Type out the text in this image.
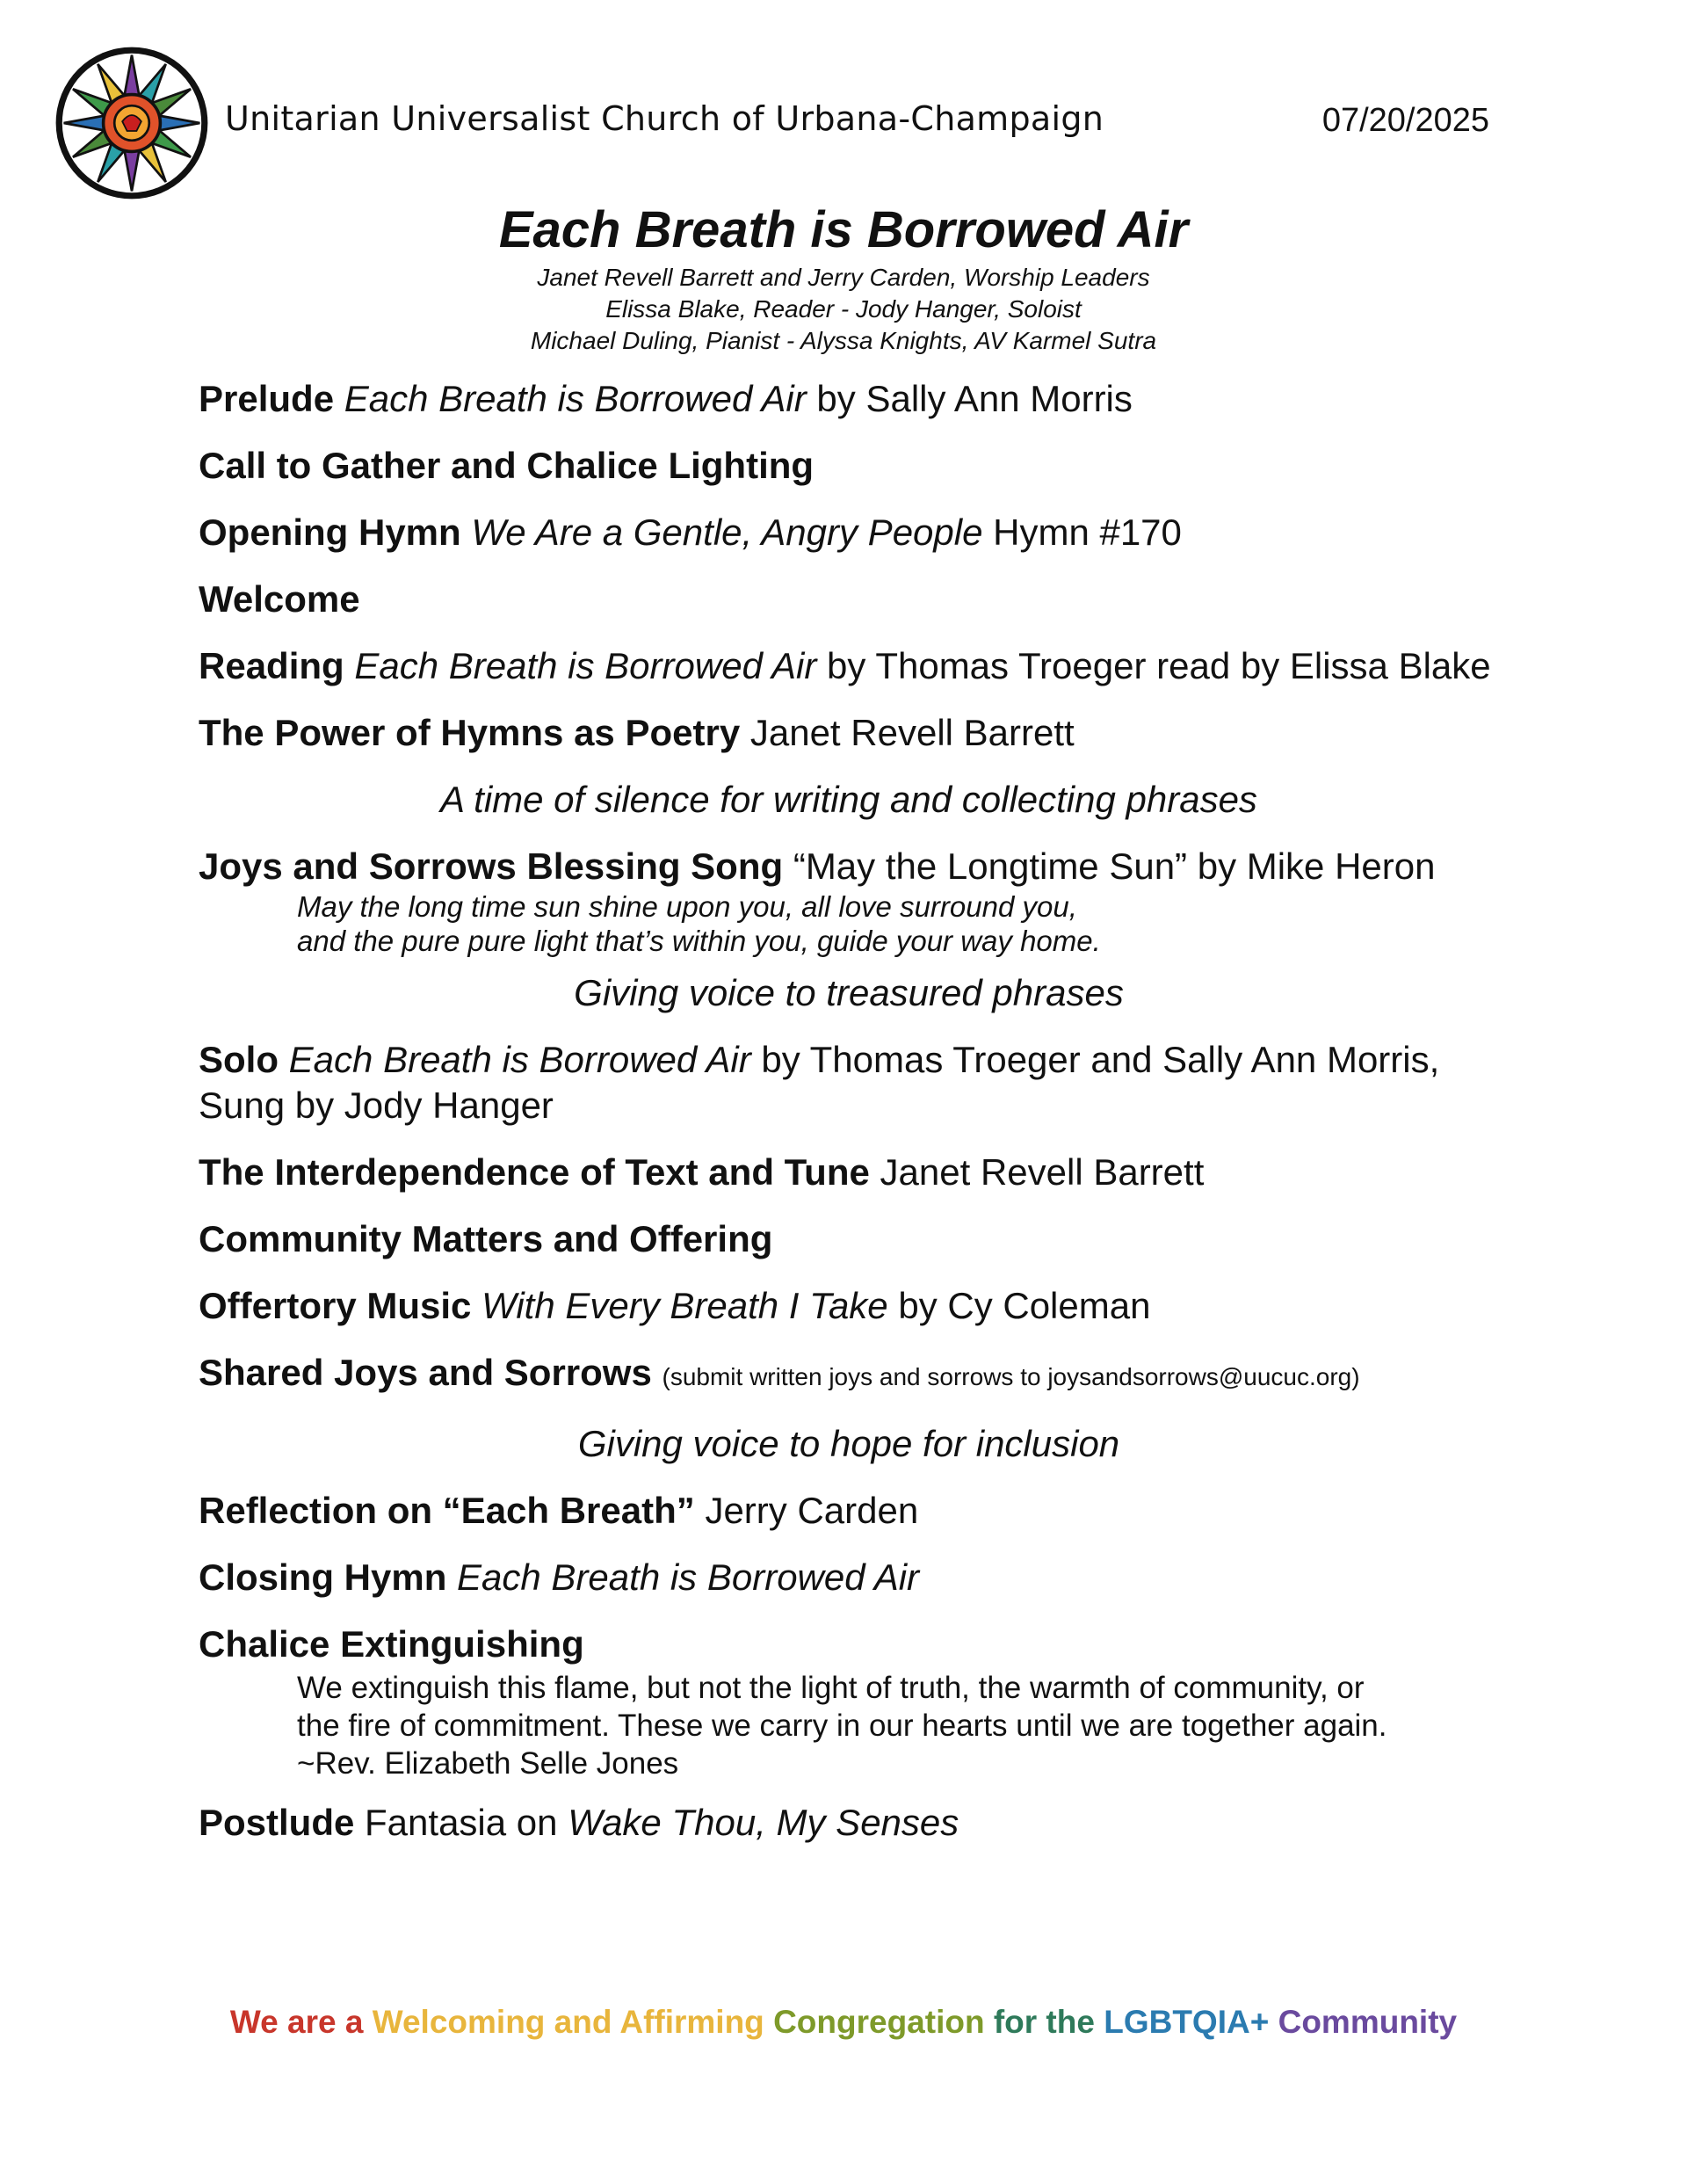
Unitarian Universalist Church of Urbana-Champaign	07/20/2025
Each Breath is Borrowed Air
Janet Revell Barrett and Jerry Carden, Worship Leaders
Elissa Blake, Reader - Jody Hanger, Soloist
Michael Duling, Pianist - Alyssa Knights, AV Karmel Sutra
Prelude Each Breath is Borrowed Air by Sally Ann Morris
Call to Gather and Chalice Lighting
Opening Hymn We Are a Gentle, Angry People Hymn #170
Welcome
Reading Each Breath is Borrowed Air by Thomas Troeger read by Elissa Blake
The Power of Hymns as Poetry Janet Revell Barrett
A time of silence for writing and collecting phrases
Joys and Sorrows Blessing Song “May the Longtime Sun” by Mike Heron
May the long time sun shine upon you, all love surround you,
and the pure pure light that’s within you, guide your way home.
Giving voice to treasured phrases
Solo Each Breath is Borrowed Air by Thomas Troeger and Sally Ann Morris, Sung by Jody Hanger
The Interdependence of Text and Tune Janet Revell Barrett
Community Matters and Offering
Offertory Music With Every Breath I Take by Cy Coleman
Shared Joys and Sorrows (submit written joys and sorrows to joysandsorrows@uucuc.org)
Giving voice to hope for inclusion
Reflection on “Each Breath” Jerry Carden
Closing Hymn Each Breath is Borrowed Air
Chalice Extinguishing
We extinguish this flame, but not the light of truth, the warmth of community, or
the fire of commitment. These we carry in our hearts until we are together again.
~Rev. Elizabeth Selle Jones
Postlude Fantasia on Wake Thou, My Senses
We are a Welcoming and Affirming Congregation for the LGBTQIA+ Community
